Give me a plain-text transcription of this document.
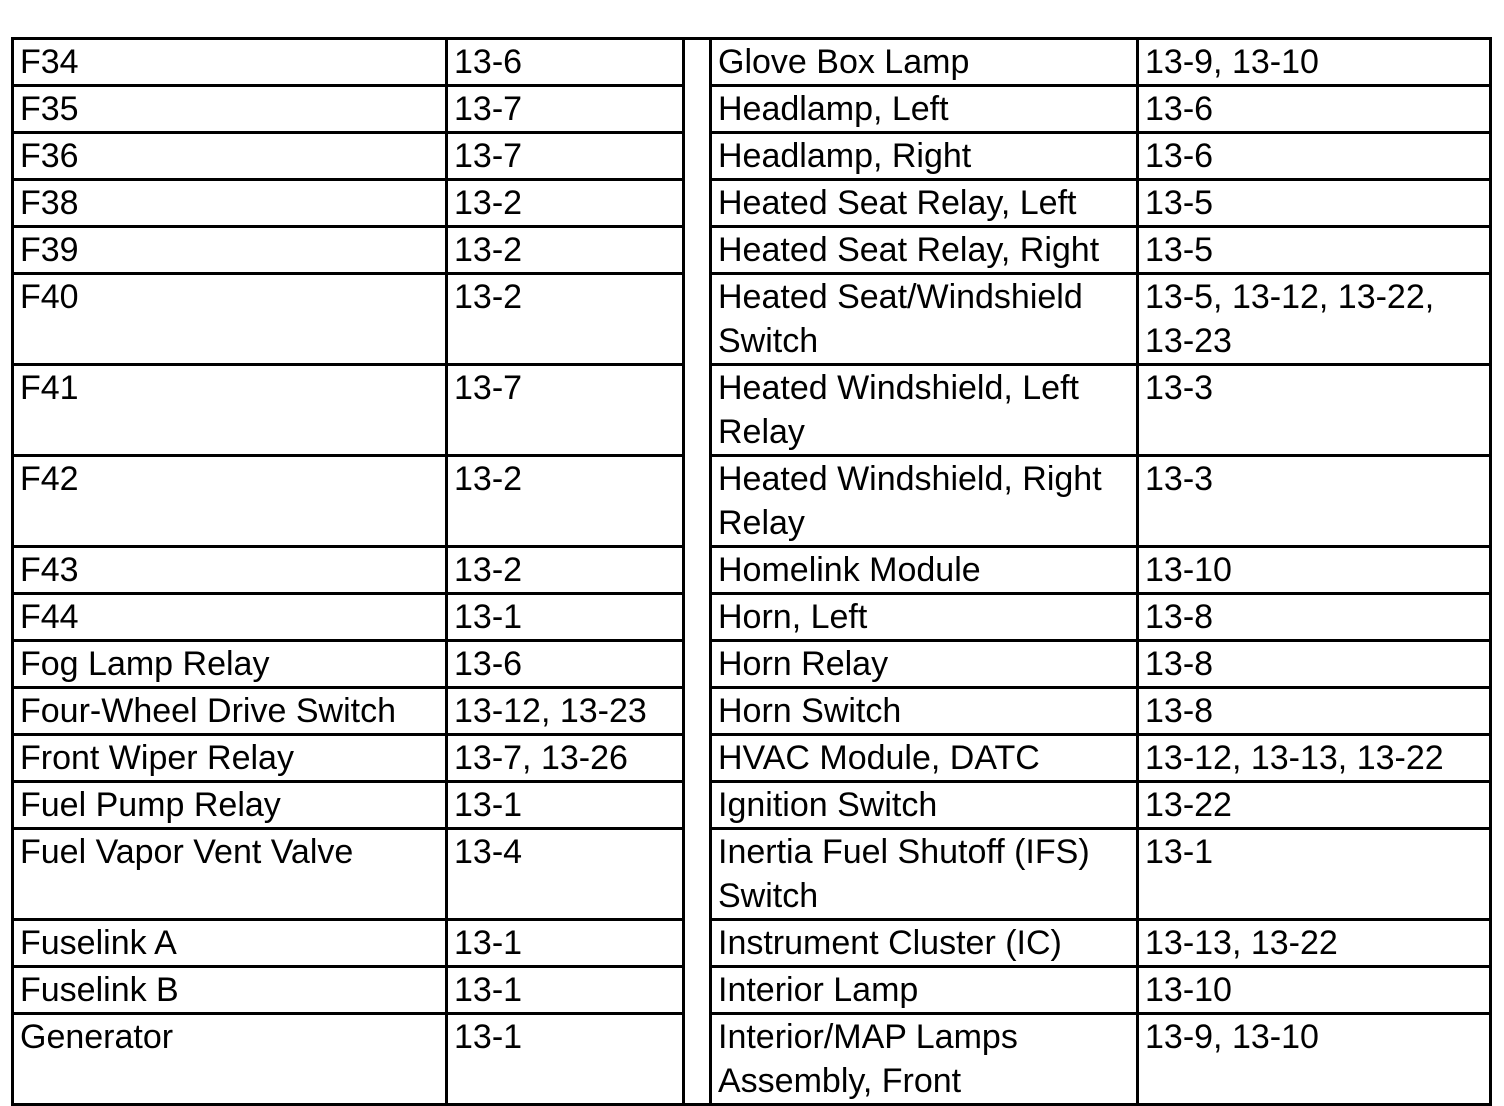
F34	13-6		Glove Box Lamp	13-9, 13-10
F35	13-7		Headlamp, Left	13-6
F36	13-7		Headlamp, Right	13-6
F38	13-2		Heated Seat Relay, Left	13-5
F39	13-2		Heated Seat Relay, Right	13-5
F40	13-2		Heated Seat/Windshield Switch	13-5, 13-12, 13-22, 13-23
F41	13-7		Heated Windshield, Left Relay	13-3
F42	13-2		Heated Windshield, Right Relay	13-3
F43	13-2		Homelink Module	13-10
F44	13-1		Horn, Left	13-8
Fog Lamp Relay	13-6		Horn Relay	13-8
Four-Wheel Drive Switch	13-12, 13-23		Horn Switch	13-8
Front Wiper Relay	13-7, 13-26		HVAC Module, DATC	13-12, 13-13, 13-22
Fuel Pump Relay	13-1		Ignition Switch	13-22
Fuel Vapor Vent Valve	13-4		Inertia Fuel Shutoff (IFS) Switch	13-1
Fuselink A	13-1		Instrument Cluster (IC)	13-13, 13-22
Fuselink B	13-1		Interior Lamp	13-10
Generator	13-1		Interior/MAP Lamps Assembly, Front	13-9, 13-10
